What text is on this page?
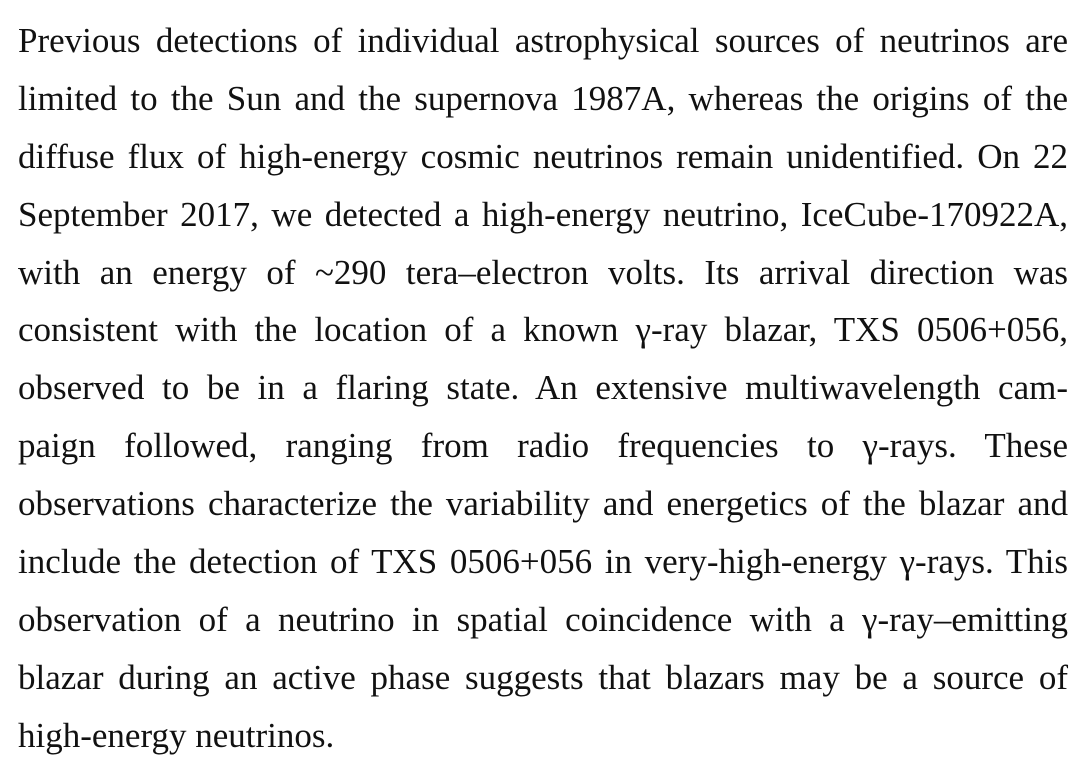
Previous detections of individual astrophysical sources of neutrinos are
limited to the Sun and the supernova 1987A, whereas the origins of the
diffuse flux of high-energy cosmic neutrinos remain unidentified. On 22
September 2017, we detected a high-energy neutrino, IceCube-170922A,
with an energy of ~290 tera–electron volts. Its arrival direction was
consistent with the location of a known γ-ray blazar, TXS 0506+056,
observed to be in a flaring state. An extensive multiwavelength cam-
paign followed, ranging from radio frequencies to γ-rays. These
observations characterize the variability and energetics of the blazar and
include the detection of TXS 0506+056 in very-high-energy γ-rays. This
observation of a neutrino in spatial coincidence with a γ-ray–emitting
blazar during an active phase suggests that blazars may be a source of
high-energy neutrinos.
